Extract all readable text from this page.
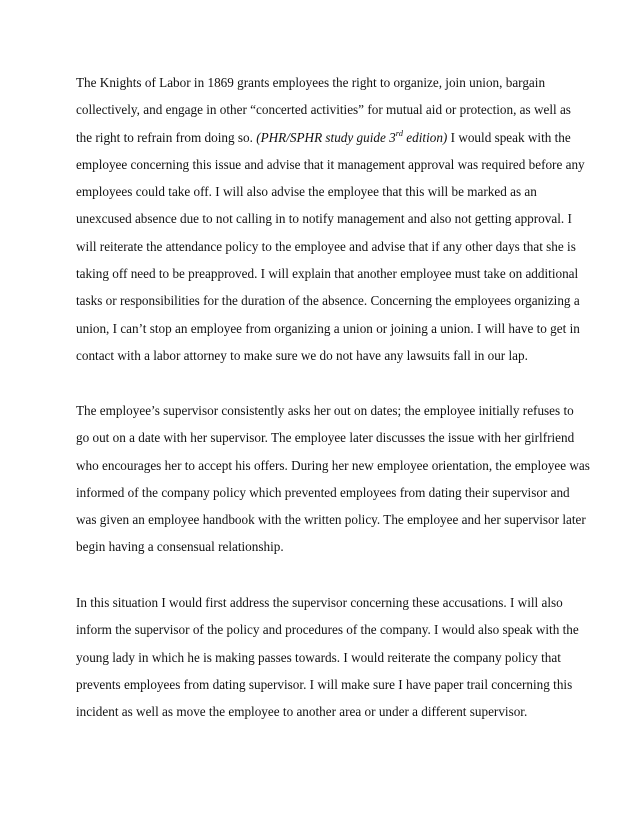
The Knights of Labor in 1869 grants employees the right to organize, join union, bargain
collectively, and engage in other “concerted activities” for mutual aid or protection, as well as
the right to refrain from doing so. (PHR/SPHR study guide 3rd edition) I would speak with the
employee concerning this issue and advise that it management approval was required before any
employees could take off. I will also advise the employee that this will be marked as an
unexcused absence due to not calling in to notify management and also not getting approval. I
will reiterate the attendance policy to the employee and advise that if any other days that she is
taking off need to be preapproved. I will explain that another employee must take on additional
tasks or responsibilities for the duration of the absence. Concerning the employees organizing a
union, I can’t stop an employee from organizing a union or joining a union. I will have to get in
contact with a labor attorney to make sure we do not have any lawsuits fall in our lap.
The employee’s supervisor consistently asks her out on dates; the employee initially refuses to
go out on a date with her supervisor. The employee later discusses the issue with her girlfriend
who encourages her to accept his offers. During her new employee orientation, the employee was
informed of the company policy which prevented employees from dating their supervisor and
was given an employee handbook with the written policy. The employee and her supervisor later
begin having a consensual relationship.
In this situation I would first address the supervisor concerning these accusations. I will also
inform the supervisor of the policy and procedures of the company. I would also speak with the
young lady in which he is making passes towards. I would reiterate the company policy that
prevents employees from dating supervisor. I will make sure I have paper trail concerning this
incident as well as move the employee to another area or under a different supervisor.
